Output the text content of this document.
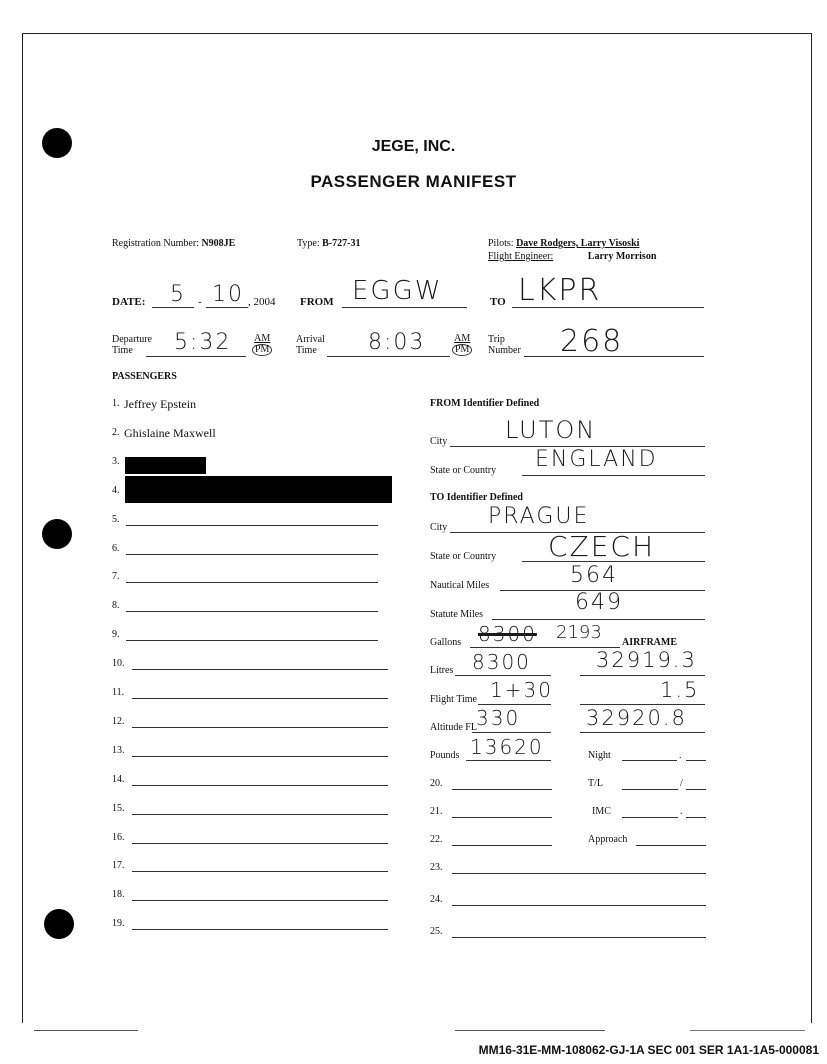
JEGE, INC.
PASSENGER MANIFEST
Registration Number: N908JE	Type: B-727-31	Pilots: Dave Rodgers, Larry Visoski
Flight Engineer:	Larry Morrison
DATE: 5 - 10 , 2004 FROM EGGW	TO LKPR
Departure
Time	5:32 AM
PM
Arrival
Time	8:03	AM
PM
Trip
Number 268
PASSENGERS
1. Jeffrey Epstein
2. Ghislaine Maxwell
3.
4.
5.
6.
7.
8.
9.
10.
11.
12.
13.
14.
15.
16.
17.
18.
19.
FROM Identifier Defined
City LUTON
State or Country ENGLAND
TO Identifier Defined
City PRAGUE
State or Country CZECH
Nautical Miles	564
Statute Miles	649
Gallons 8300 2193 AIRFRAME
Litres 8300	32919.3
Flight Time 1+30	1.5
Altitude FL 330	32920.8
Pounds 13620	Night	.
20.	T/L	/
21.	IMC	.
22.	Approach
23.
24.
25.
MM16-31E-MM-108062-GJ-1A SEC 001 SER 1A1-1A5-000081
